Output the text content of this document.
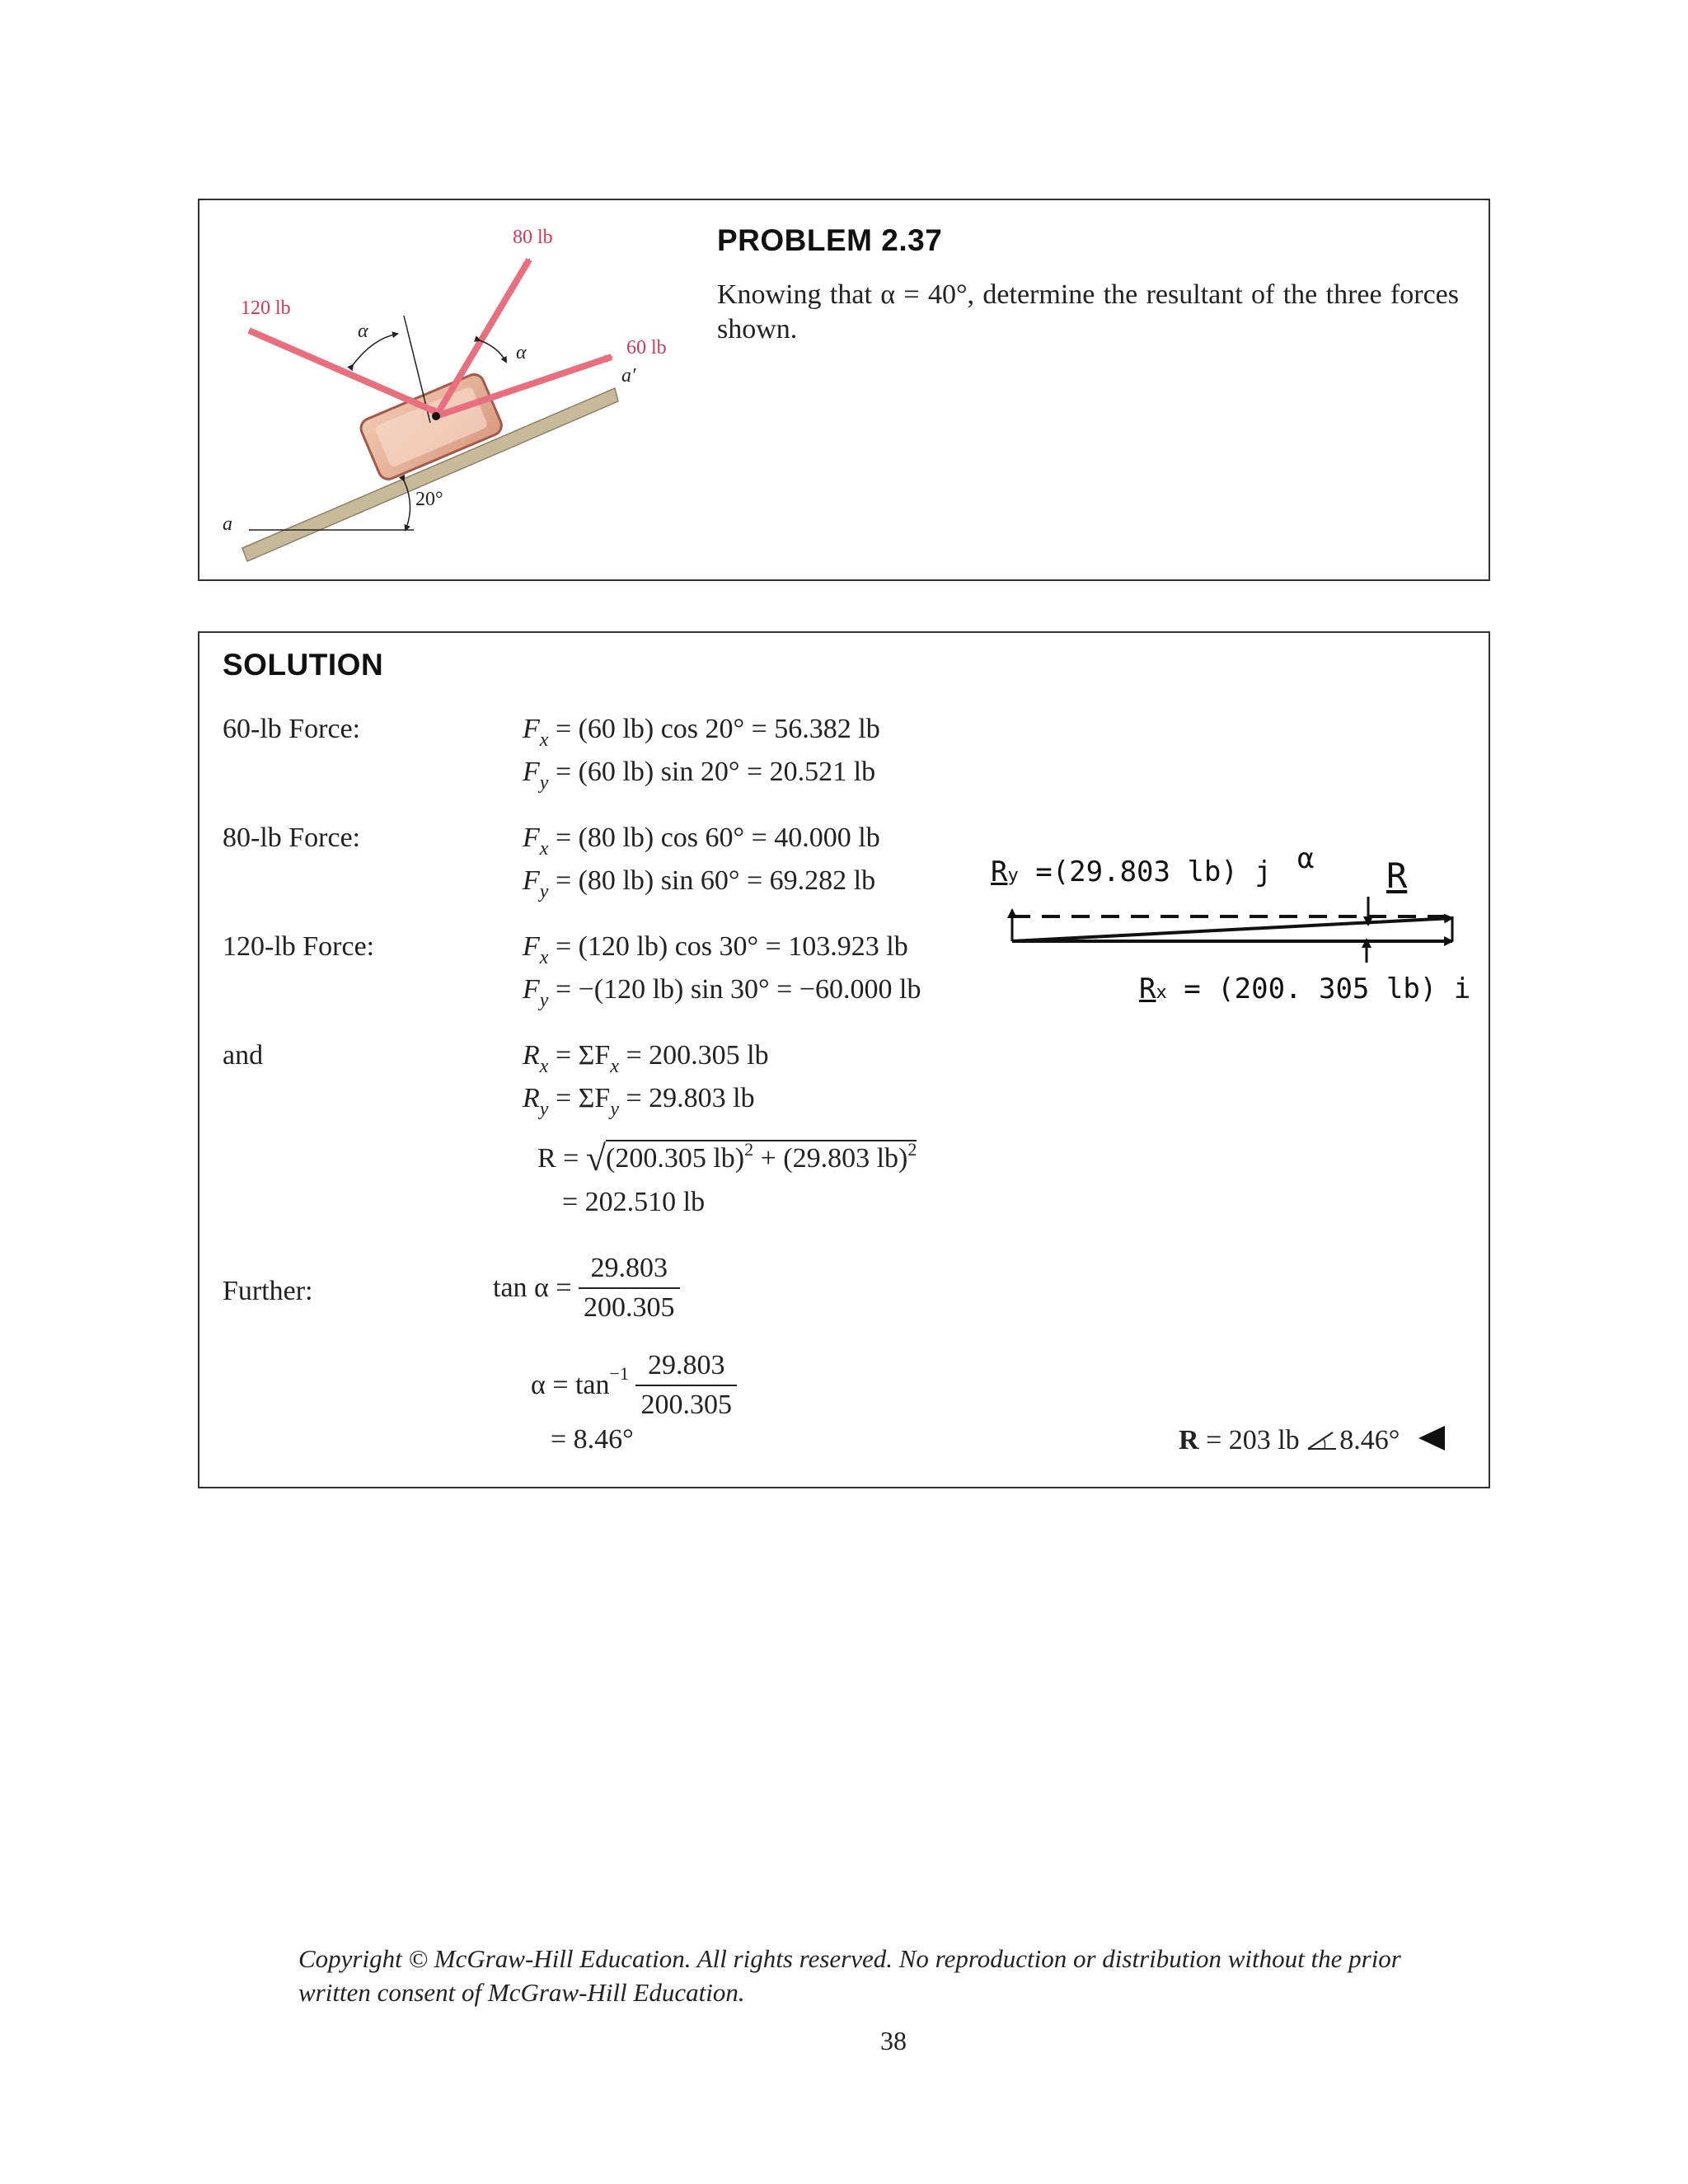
80 lb
120 lb
60 lb
α
α
a
a′
20°
PROBLEM 2.37
Knowing that α = 40°, determine the resultant of the three forces shown.
SOLUTION
60-lb Force:	$F_x = (60$ lb) cos 20° = 56.382 lb
$F_y = (60$ lb) sin 20° = 20.521 lb
80-lb Force:	$F_x = (80$ lb) cos 60° = 40.000 lb
$F_y = (80$ lb) sin 60° = 69.282 lb
120-lb Force:	$F_x = (120$ lb) cos 30° = 103.923 lb
$F_y = -(120$ lb) sin 30° = −60.000 lb
and	$R_x = \Sigma F_x = 200.305$ lb
$R_y = \Sigma F_y = 29.803$ lb
R = √(200.305 lb)$^2$ + (29.803 lb)$^2$
= 202.510 lb
Further:	$\tan \alpha = \frac{29.803}{200.305}$
$\alpha = \tan^{-1} \frac{29.803}{200.305}$
= 8.46°	R = 203 lb 8.46°
Ry =(29.803 lb) j α R
Rx = (200. 305 lb) i
Copyright © McGraw-Hill Education. All rights reserved. No reproduction or distribution without the prior
written consent of McGraw-Hill Education.
38
